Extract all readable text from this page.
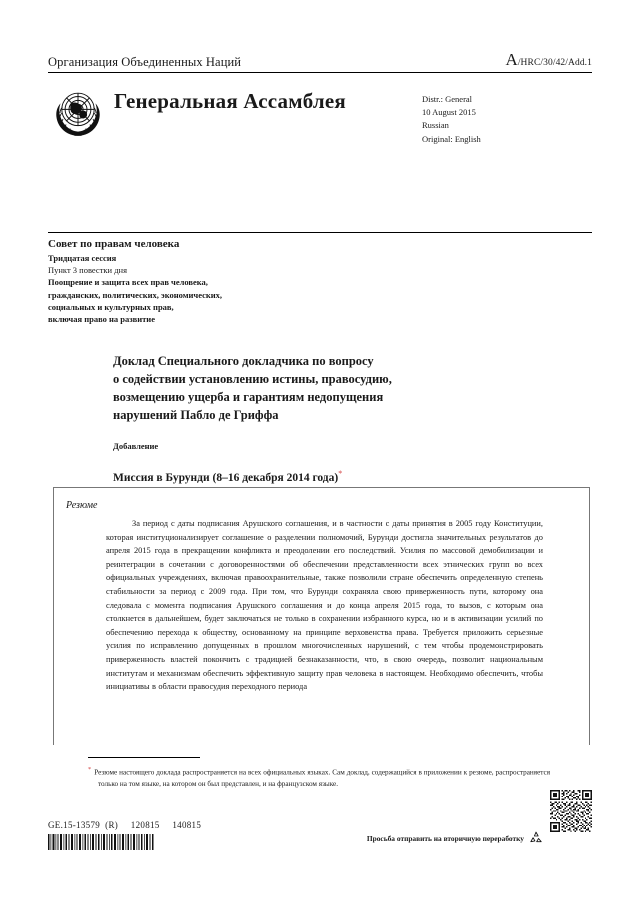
Организация Объединенных Наций	A/HRC/30/42/Add.1
Генеральная Ассамблея	Distr.: General
10 August 2015
Russian
Original: English
Совет по правам человека
Тридцатая сессия
Пункт 3 повестки дня
Поощрение и защита всех прав человека,
гражданских, политических, экономических,
социальных и культурных прав,
включая право на развитие
Доклад Специального докладчика по вопросу
о содействии установлению истины, правосудию,
возмещению ущерба и гарантиям недопущения
нарушений Пабло де Гриффа
Добавление
Миссия в Бурунди (8–16 декабря 2014 года)*
Резюме
За период с даты подписания Арушского соглашения, и в частности с даты принятия в 2005 году Конституции, которая институционализирует соглашение о разделении полномочий, Бурунди достигла значительных результатов до апреля 2015 года в прекращении конфликта и преодолении его последствий. Усилия по массовой демобилизации и реинтеграции в сочетании с договоренностями об обеспечении представленности всех этнических групп во всех официальных учреждениях, включая правоохранительные, также позволили стране обеспечить определенную степень стабильности за период с 2009 года. При том, что Бурунди сохраняла свою приверженность пути, которому она следовала с момента подписания Арушского соглашения и до конца апреля 2015 года, то вызов, с которым она столкнется в дальнейшем, будет заключаться не только в сохранении избранного курса, но и в активизации усилий по обеспечению перехода к обществу, основанному на принципе верховенства права. Требуется приложить серьезные усилия по исправлению допущенных в прошлом многочисленных нарушений, с тем чтобы продемонстрировать приверженность властей покончить с традицией безнаказанности, что, в свою очередь, позволит национальным институтам и механизмам обеспечить эффективную защиту прав человека в настоящем. Необходимо обеспечить, чтобы инициативы в области правосудия переходного периода
* Резюме настоящего доклада распространяется на всех официальных языках. Сам доклад, содержащийся в приложении к резюме, распространяется только на том языке, на котором он был представлен, и на французском языке.
GE.15-13579  (R)     120815     140815
Просьба отправить на вторичную переработку
